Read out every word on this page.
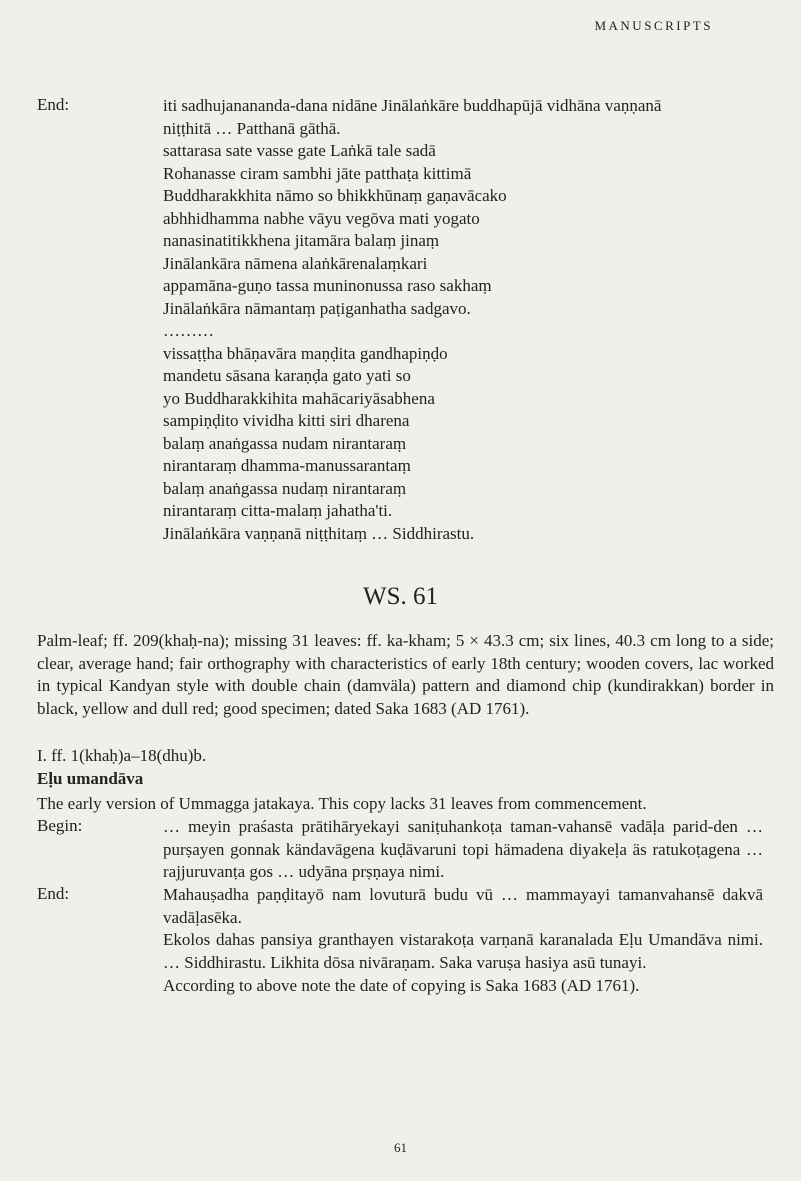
MANUSCRIPTS
End:	iti sadhujanananda-dana nidāne Jinālaṅkāre buddhapūjā vidhāna vaṇṇanā
niṭṭhitā … Patthanā gāthā.
sattarasa sate vasse gate Laṅkā tale sadā
Rohanasse ciram sambhi jāte patthaṭa kittimā
Buddharakkhita nāmo so bhikkhūnaṃ gaṇavācako
abhhidhamma nabhe vāyu vegōva mati yogato
nanasinatitikkhena jitamāra balaṃ jinaṃ
Jinālankāra nāmena alaṅkārenalaṃkari
appamāna-guṇo tassa muninonussa raso sakhaṃ
Jinālaṅkāra nāmantaṃ paṭiganhatha sadgavo.
………
vissaṭṭha bhāṇavāra maṇḍita gandhapiṇḍo
mandetu sāsana karaṇḍa gato yati so
yo Buddharakkihita mahācariyāsabhena
sampiṇḍito vividha kitti siri dharena
balaṃ anaṅgassa nudam nirantaraṃ
nirantaraṃ dhamma-manussarantaṃ
balaṃ anaṅgassa nudaṃ nirantaraṃ
nirantaraṃ citta-malaṃ jahatha'ti.
Jinālaṅkāra vaṇṇanā niṭṭhitaṃ … Siddhirastu.
WS. 61

Palm-leaf; ff. 209(khaḥ-na); missing 31 leaves: ff. ka-kham; 5 × 43.3 cm; six lines, 40.3 cm long to a side; clear, average hand; fair orthography with characteristics of early 18th century; wooden covers, lac worked in typical Kandyan style with double chain (damväla) pattern and diamond chip (kundirakkan) border in black, yellow and dull red; good specimen; dated Saka 1683 (AD 1761).

I. ff. 1(khaḥ)a–18(dhu)b.
Eḷu umandāva
The early version of Ummagga jatakaya. This copy lacks 31 leaves from commencement.
Begin:	… meyin praśasta prātihāryekayi saniṭuhankoṭa taman-vahansē vadāḷa parid-den … purṣayen gonnak kändavāgena kuḍāvaruni topi hämadena diyakeḷa äs ratukoṭagena … rajjuruvanṭa gos … udyāna prṣṇaya nimi.

End:	Mahauṣadha paṇḍitayō nam lovuturā budu vū … mammayayi tamanvahansē dakvā vadāḷasēka.

Ekolos dahas pansiya granthayen vistarakoṭa varṇanā karanalada Eḷu Umandāva nimi. … Siddhirastu. Likhita dōsa nivāraṇam. Saka varuṣa hasiya asū tunayi.

According to above note the date of copying is Saka 1683 (AD 1761).

61
